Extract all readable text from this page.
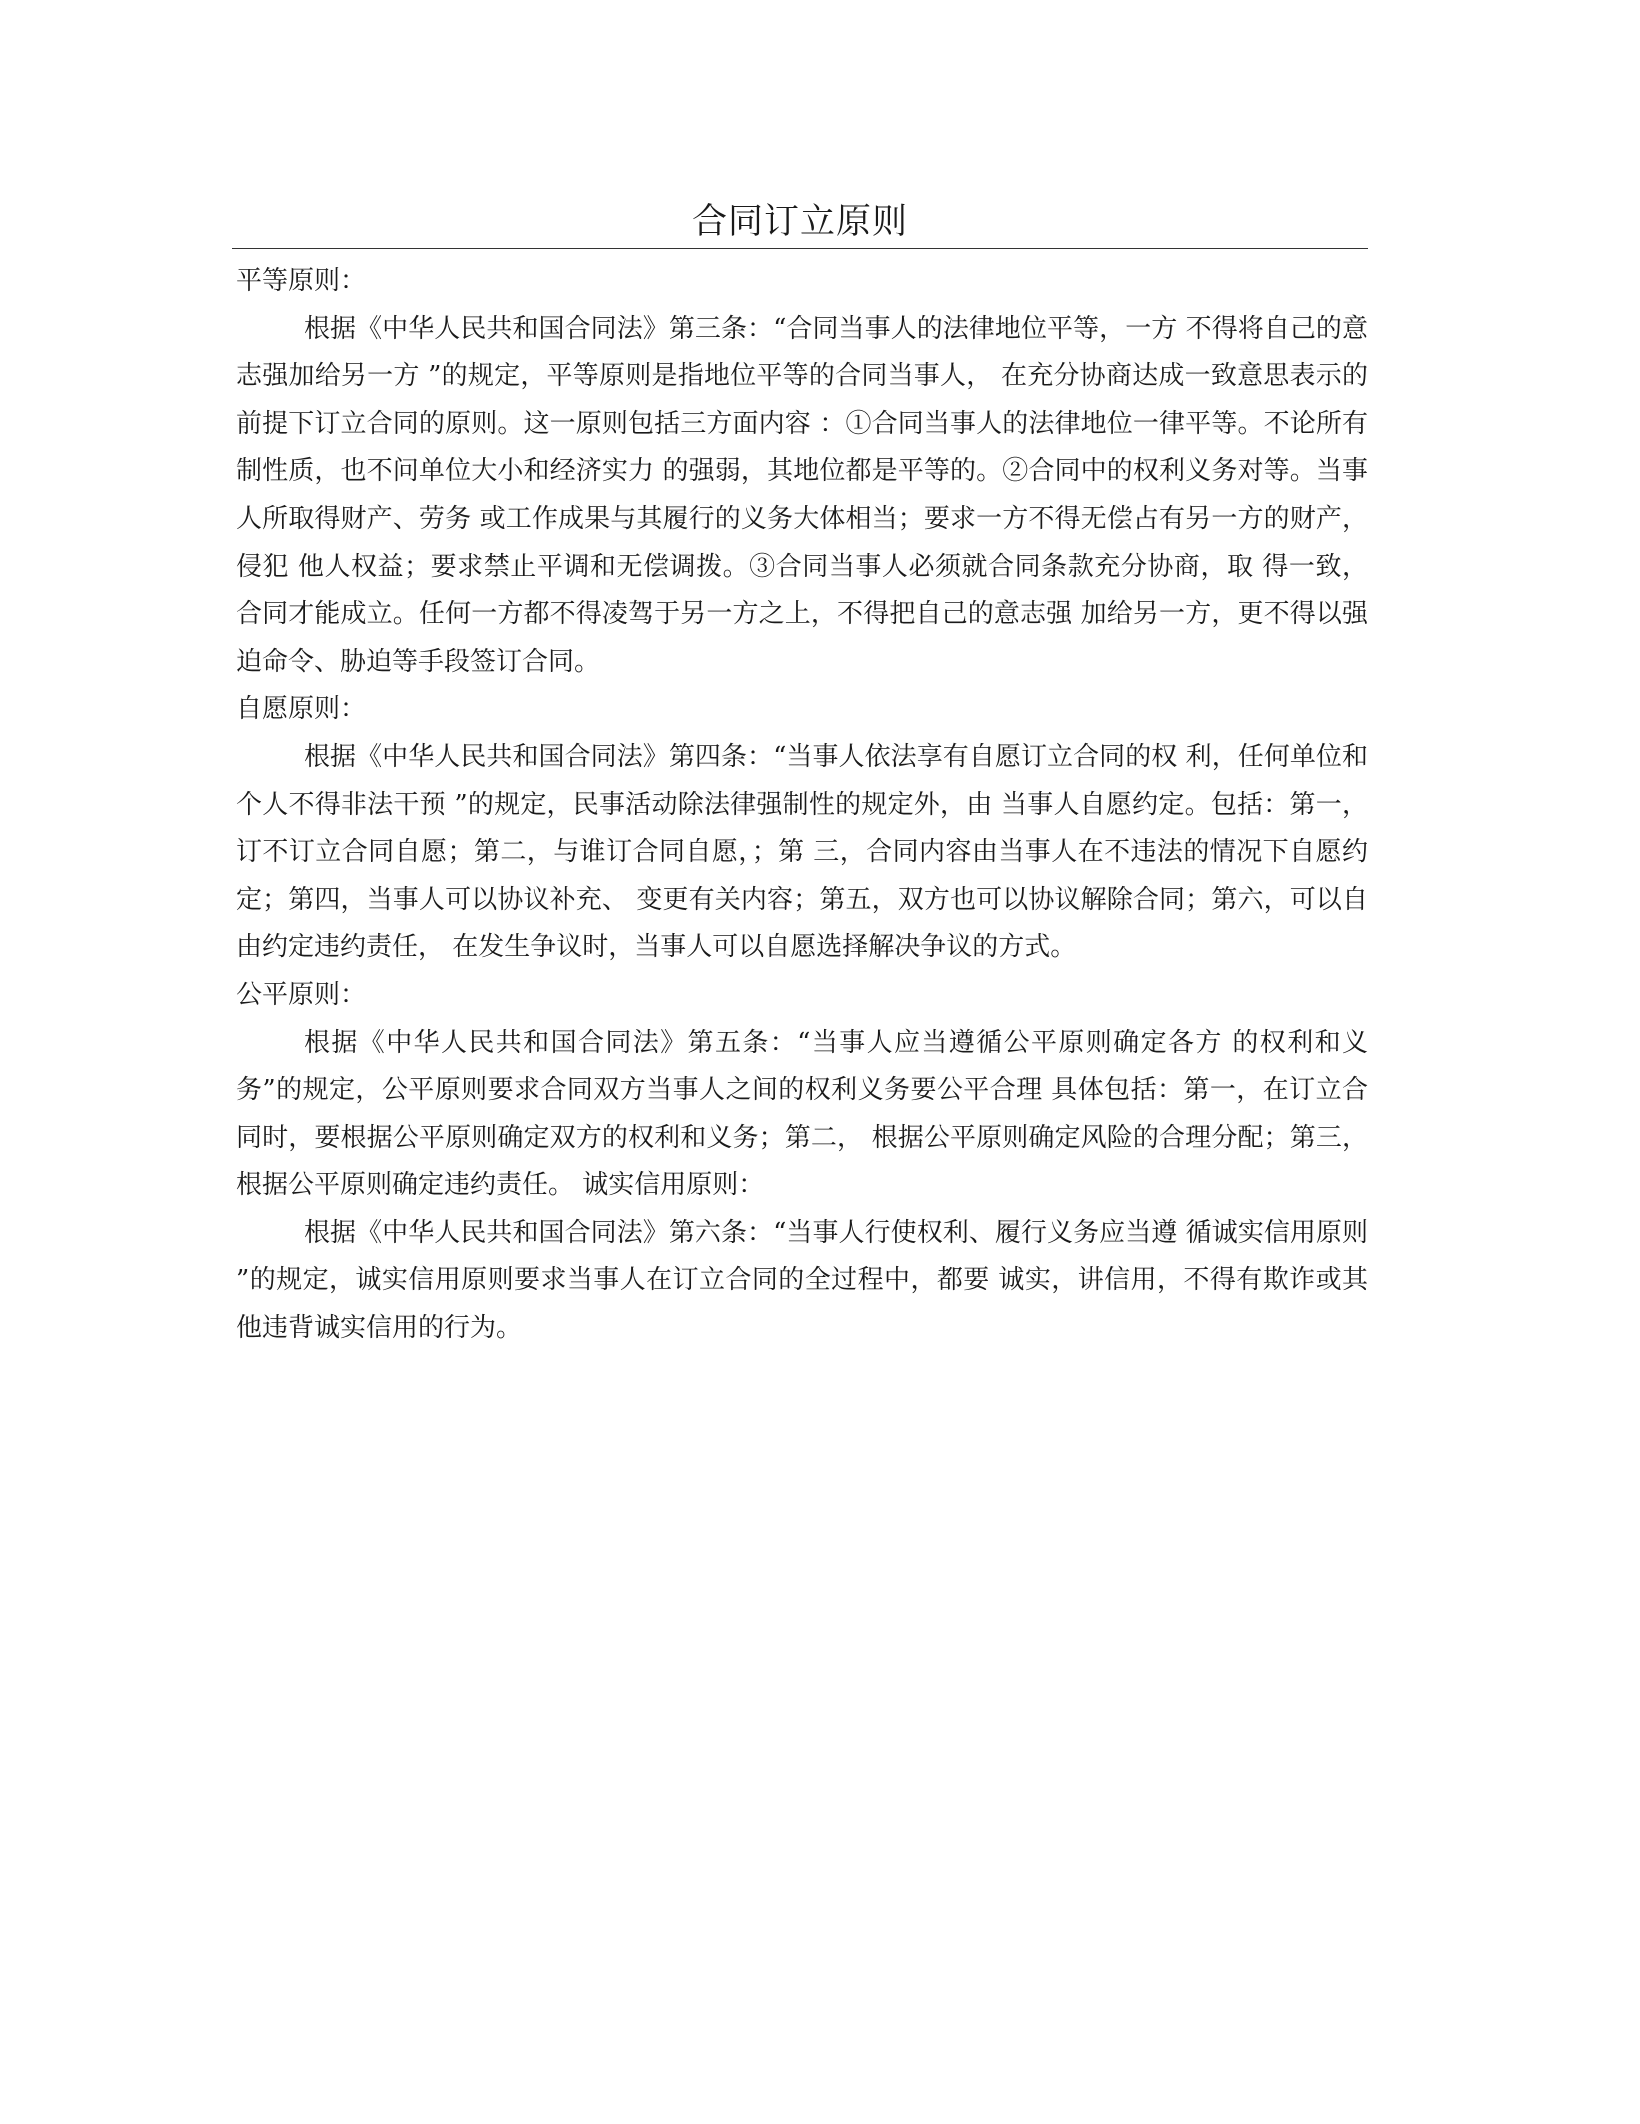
合同订立原则

平等原则：

根据《中华人民共和国合同法》第三条：“合同当事人的法律地位平等，一方 不得将自己的意志强加给另一方 ”的规定，平等原则是指地位平等的合同当事人， 在充分协商达成一致意思表示的前提下订立合同的原则。这一原则包括三方面内容 ：①合同当事人的法律地位一律平等。不论所有制性质，也不问单位大小和经济实力 的强弱，其地位都是平等的。②合同中的权利义务对等。当事人所取得财产、劳务 或工作成果与其履行的义务大体相当；要求一方不得无偿占有另一方的财产，侵犯 他人权益；要求禁止平调和无偿调拨。③合同当事人必须就合同条款充分协商，取 得一致，合同才能成立。任何一方都不得凌驾于另一方之上，不得把自己的意志强 加给另一方，更不得以强迫命令、胁迫等手段签订合同。

自愿原则：

根据《中华人民共和国合同法》第四条：“当事人依法享有自愿订立合同的权 利，任何单位和个人不得非法干预 ”的规定，民事活动除法律强制性的规定外，由 当事人自愿约定。包括：第一，订不订立合同自愿；第二，与谁订合同自愿，；第 三，合同内容由当事人在不违法的情况下自愿约定；第四，当事人可以协议补充、 变更有关内容；第五，双方也可以协议解除合同；第六，可以自由约定违约责任， 在发生争议时，当事人可以自愿选择解决争议的方式。

公平原则：

根据《中华人民共和国合同法》第五条：“当事人应当遵循公平原则确定各方 的权利和义务”的规定，公平原则要求合同双方当事人之间的权利义务要公平合理 具体包括：第一，在订立合同时，要根据公平原则确定双方的权利和义务；第二， 根据公平原则确定风险的合理分配；第三，根据公平原则确定违约责任。 诚实信用原则：

根据《中华人民共和国合同法》第六条：“当事人行使权利、履行义务应当遵 循诚实信用原则 ”的规定，诚实信用原则要求当事人在订立合同的全过程中，都要 诚实，讲信用，不得有欺诈或其他违背诚实信用的行为。
